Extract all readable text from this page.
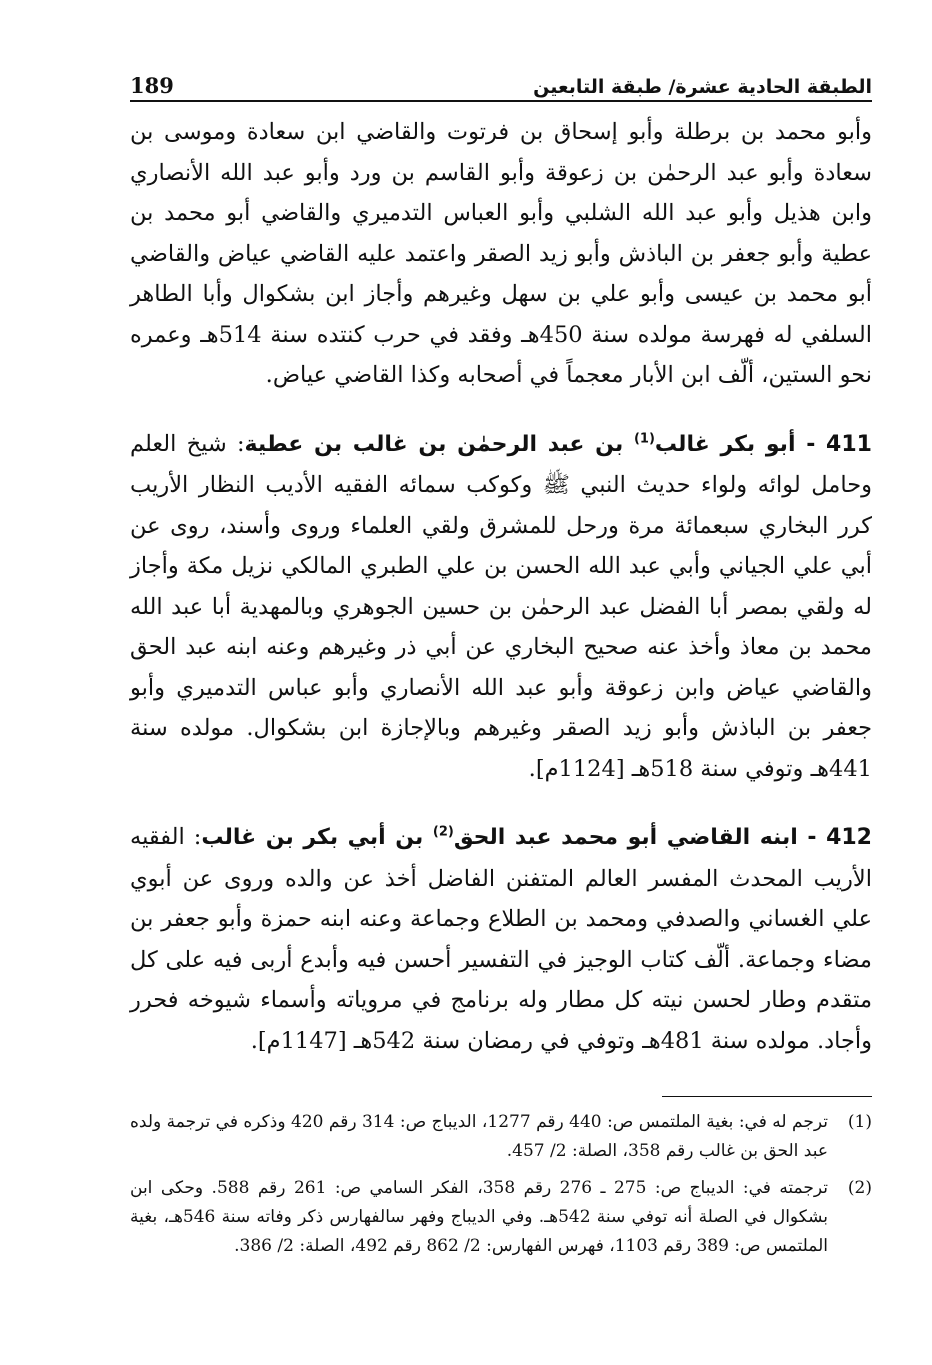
الطبقة الحادية عشرة/ طبقة التابعين
189

وأبو محمد بن برطلة وأبو إسحاق بن فرتوت والقاضي ابن سعادة وموسى بن سعادة وأبو عبد الرحمٰن بن زعوقة وأبو القاسم بن ورد وأبو عبد الله الأنصاري وابن هذيل وأبو عبد الله الشلبي وأبو العباس التدميري والقاضي أبو محمد بن عطية وأبو جعفر بن الباذش وأبو زيد الصقر واعتمد عليه القاضي عياض والقاضي أبو محمد بن عيسى وأبو علي بن سهل وغيرهم وأجاز ابن بشكوال وأبا الطاهر السلفي له فهرسة مولده سنة 450هـ وفقد في حرب كنتده سنة 514هـ وعمره نحو الستين، ألّف ابن الأبار معجماً في أصحابه وكذا القاضي عياض.

411 - أبو بكر غالب$^{(1)}$ بن عبد الرحمٰن بن غالب بن عطية: شيخ العلم وحامل لوائه ولواء حديث النبي ﷺ وكوكب سمائه الفقيه الأديب النظار الأريب كرر البخاري سبعمائة مرة ورحل للمشرق ولقي العلماء وروى وأسند، روى عن أبي علي الجياني وأبي عبد الله الحسن بن علي الطبري المالكي نزيل مكة وأجاز له ولقي بمصر أبا الفضل عبد الرحمٰن بن حسين الجوهري وبالمهدية أبا عبد الله محمد بن معاذ وأخذ عنه صحيح البخاري عن أبي ذر وغيرهم وعنه ابنه عبد الحق والقاضي عياض وابن زعوقة وأبو عبد الله الأنصاري وأبو عباس التدميري وأبو جعفر بن الباذش وأبو زيد الصقر وغيرهم وبالإجازة ابن بشكوال. مولده سنة 441هـ وتوفي سنة 518هـ [1124م].

412 - ابنه القاضي أبو محمد عبد الحق$^{(2)}$ بن أبي بكر بن غالب: الفقيه الأريب المحدث المفسر العالم المتفنن الفاضل أخذ عن والده وروى عن أبوي علي الغساني والصدفي ومحمد بن الطلاع وجماعة وعنه ابنه حمزة وأبو جعفر بن مضاء وجماعة. ألّف كتاب الوجيز في التفسير أحسن فيه وأبدع أربى فيه على كل متقدم وطار لحسن نيته كل مطار وله برنامج في مروياته وأسماء شيوخه فحرر وأجاد. مولده سنة 481هـ وتوفي في رمضان سنة 542هـ [1147م].

(1)
ترجم له في: بغية الملتمس ص: 440 رقم 1277، الديباج ص: 314 رقم 420 وذكره في ترجمة ولده عبد الحق بن غالب رقم 358، الصلة: 2/ 457.
(2)
ترجمته في: الديباج ص: 275 ـ 276 رقم 358، الفكر السامي ص: 261 رقم 588. وحكى ابن بشكوال في الصلة أنه توفي سنة 542هـ. وفي الديباج وفهر سالفهارس ذكر وفاته سنة 546هـ، بغية الملتمس ص: 389 رقم 1103، فهرس الفهارس: 2/ 862 رقم 492، الصلة: 2/ 386.
